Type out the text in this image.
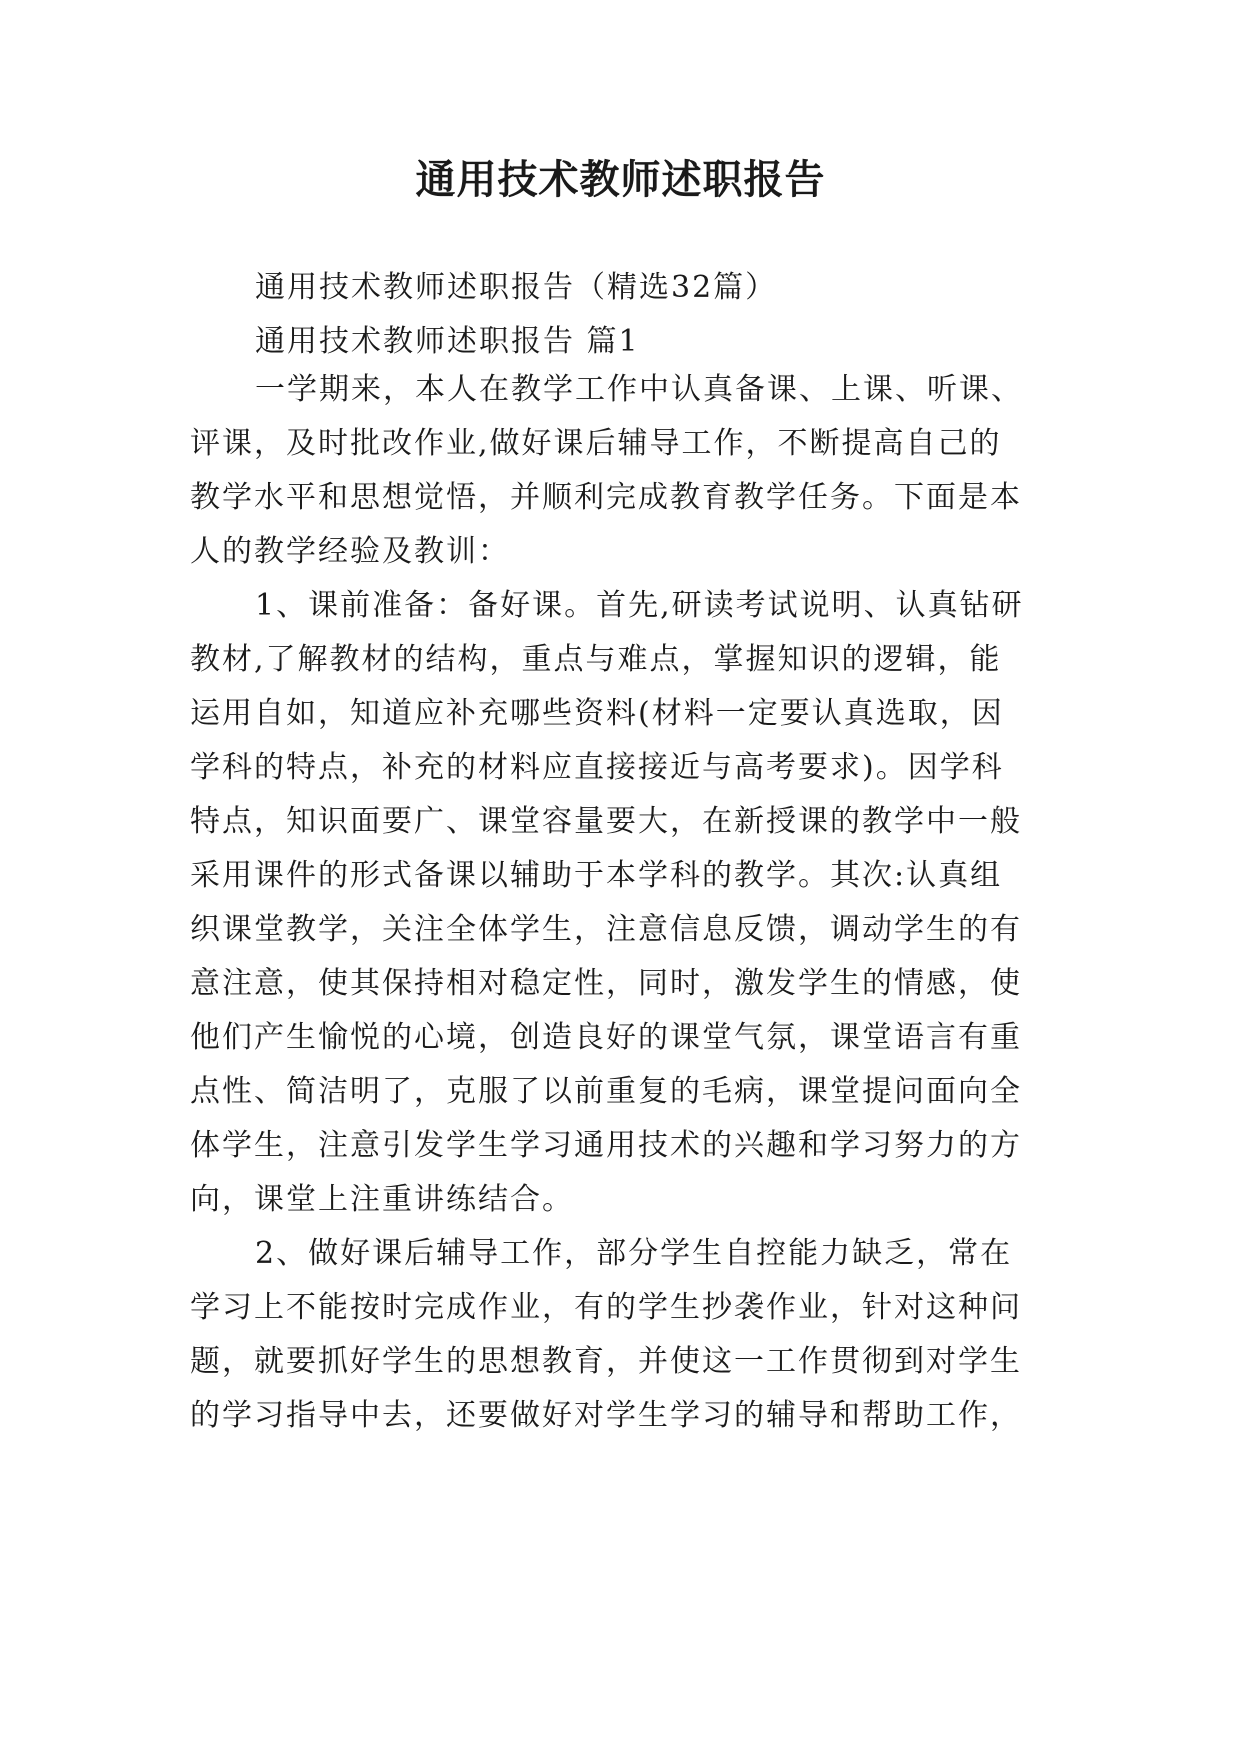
通用技术教师述职报告

通用技术教师述职报告（精选32篇）

通用技术教师述职报告 篇1

一学期来，本人在教学工作中认真备课、上课、听课、

评课，及时批改作业,做好课后辅导工作，不断提高自己的

教学水平和思想觉悟，并顺利完成教育教学任务。下面是本

人的教学经验及教训：

1、课前准备：备好课。首先,研读考试说明、认真钻研

教材,了解教材的结构，重点与难点，掌握知识的逻辑，能

运用自如，知道应补充哪些资料(材料一定要认真选取，因

学科的特点，补充的材料应直接接近与高考要求)。因学科

特点，知识面要广、课堂容量要大，在新授课的教学中一般

采用课件的形式备课以辅助于本学科的教学。其次:认真组

织课堂教学，关注全体学生，注意信息反馈，调动学生的有

意注意，使其保持相对稳定性，同时，激发学生的情感，使

他们产生愉悦的心境，创造良好的课堂气氛，课堂语言有重

点性、简洁明了，克服了以前重复的毛病，课堂提问面向全

体学生，注意引发学生学习通用技术的兴趣和学习努力的方

向，课堂上注重讲练结合。

2、做好课后辅导工作，部分学生自控能力缺乏，常在

学习上不能按时完成作业，有的学生抄袭作业，针对这种问

题，就要抓好学生的思想教育，并使这一工作贯彻到对学生

的学习指导中去，还要做好对学生学习的辅导和帮助工作，
